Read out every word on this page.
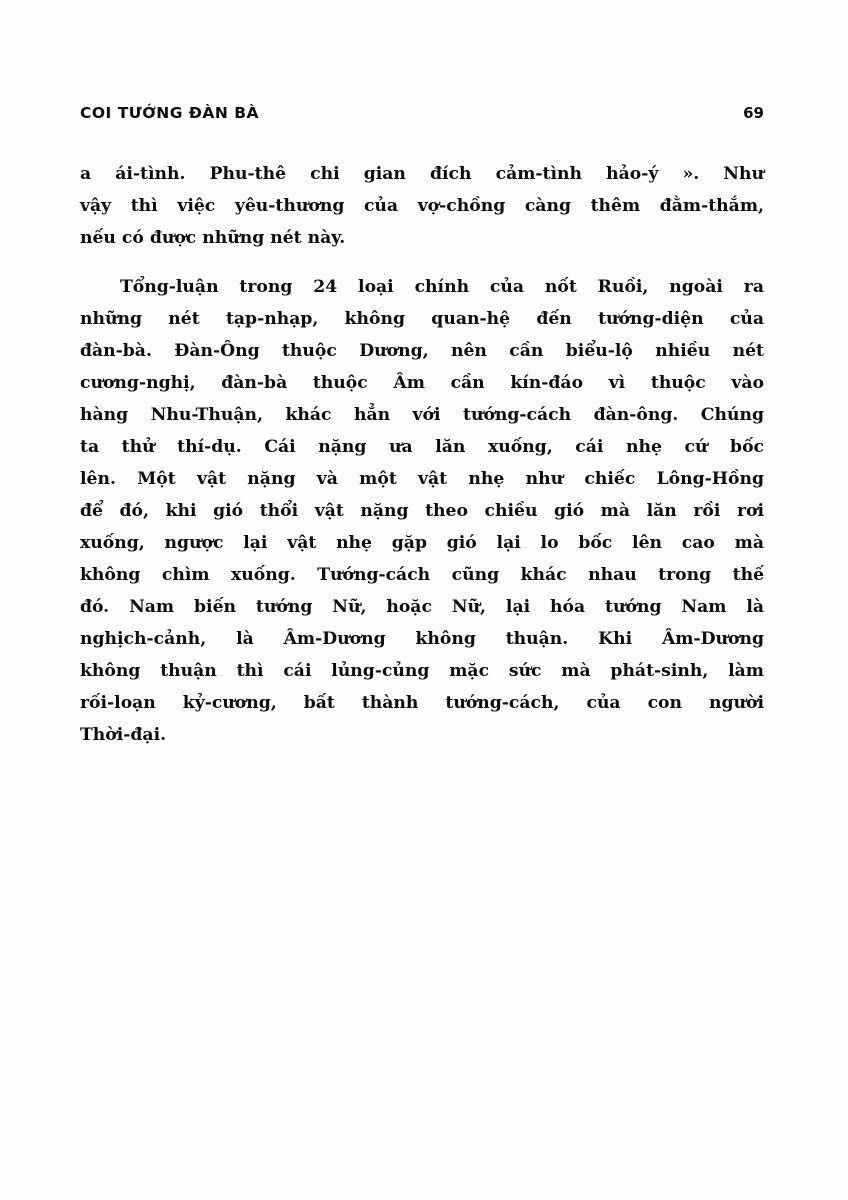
COI TƯỚNG ĐÀN BÀ	69
a ái-tình. Phu-thê chi gian đích cảm-tình hảo-ý ». Như
vậy thì việc yêu-thương của vợ-chồng càng thêm đằm-thắm,
nếu có được những nét này.
Tổng-luận trong 24 loại chính của nốt Ruồi, ngoài ra
những nét tạp-nhạp, không quan-hệ đến tướng-diện của
đàn-bà. Đàn-Ông thuộc Dương, nên cần biểu-lộ nhiều nét
cương-nghị, đàn-bà thuộc Âm cần kín-đáo vì thuộc vào
hàng Nhu-Thuận, khác hẳn với tướng-cách đàn-ông. Chúng
ta thử thí-dụ. Cái nặng ưa lăn xuống, cái nhẹ cứ bốc
lên. Một vật nặng và một vật nhẹ như chiếc Lông-Hồng
để đó, khi gió thổi vật nặng theo chiều gió mà lăn rồi rơi
xuống, ngược lại vật nhẹ gặp gió lại lo bốc lên cao mà
không chìm xuống. Tướng-cách cũng khác nhau trong thế
đó. Nam biến tướng Nữ, hoặc Nữ, lại hóa tướng Nam là
nghịch-cảnh, là Âm-Dương không thuận. Khi Âm-Dương
không thuận thì cái lủng-củng mặc sức mà phát-sinh, làm
rối-loạn kỷ-cương, bất thành tướng-cách, của con người
Thời-đại.
